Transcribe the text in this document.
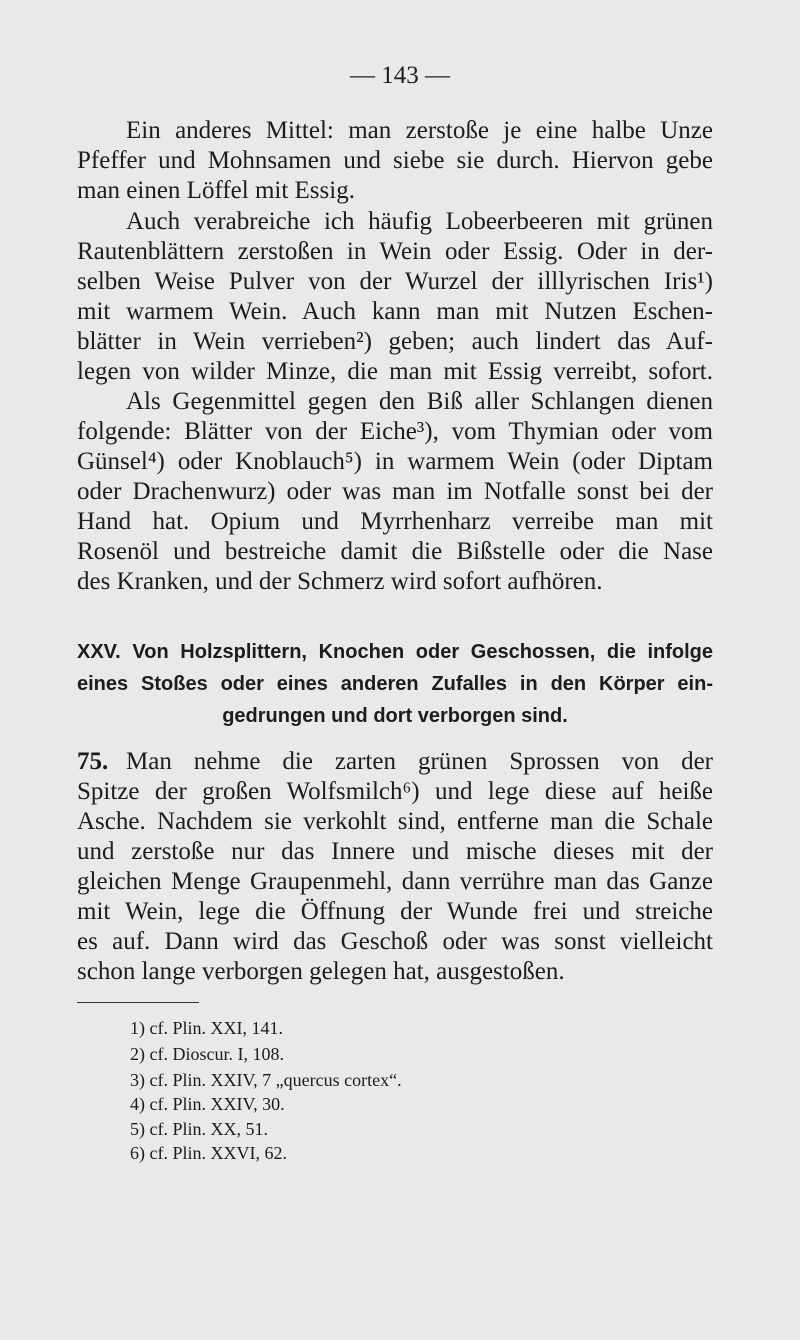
— 143 —
Ein anderes Mittel: man zerstoße je eine halbe Unze
Pfeffer und Mohnsamen und siebe sie durch. Hiervon gebe
man einen Löffel mit Essig.
Auch verabreiche ich häufig Lobeerbeeren mit grünen
Rautenblättern zerstoßen in Wein oder Essig. Oder in der-
selben Weise Pulver von der Wurzel der illlyrischen Iris¹)
mit warmem Wein. Auch kann man mit Nutzen Eschen-
blätter in Wein verrieben²) geben; auch lindert das Auf-
legen von wilder Minze, die man mit Essig verreibt, sofort.
Als Gegenmittel gegen den Biß aller Schlangen dienen
folgende: Blätter von der Eiche³), vom Thymian oder vom
Günsel⁴) oder Knoblauch⁵) in warmem Wein (oder Diptam
oder Drachenwurz) oder was man im Notfalle sonst bei der
Hand hat. Opium und Myrrhenharz verreibe man mit
Rosenöl und bestreiche damit die Bißstelle oder die Nase
des Kranken, und der Schmerz wird sofort aufhören.
XXV. Von Holzsplittern, Knochen oder Geschossen, die infolge
eines Stoßes oder eines anderen Zufalles in den Körper ein-
gedrungen und dort verborgen sind.
75. Man nehme die zarten grünen Sprossen von der
Spitze der großen Wolfsmilch⁶) und lege diese auf heiße
Asche. Nachdem sie verkohlt sind, entferne man die Schale
und zerstoße nur das Innere und mische dieses mit der
gleichen Menge Graupenmehl, dann verrühre man das Ganze
mit Wein, lege die Öffnung der Wunde frei und streiche
es auf. Dann wird das Geschoß oder was sonst vielleicht
schon lange verborgen gelegen hat, ausgestoßen.
1) cf. Plin. XXI, 141.
2) cf. Dioscur. I, 108.
3) cf. Plin. XXIV, 7 „quercus cortex“.
4) cf. Plin. XXIV, 30.
5) cf. Plin. XX, 51.
6) cf. Plin. XXVI, 62.
